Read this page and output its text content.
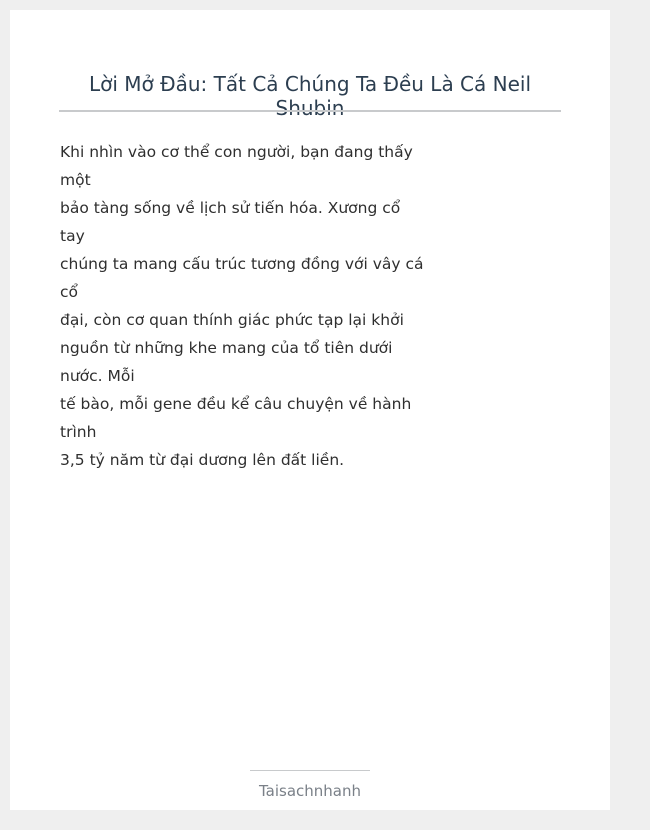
Lời Mở Đầu: Tất Cả Chúng Ta Đều Là Cá Neil Shubin
Khi nhìn vào cơ thể con người, bạn đang thấy
một
bảo tàng sống về lịch sử tiến hóa. Xương cổ
tay
chúng ta mang cấu trúc tương đồng với vây cá
cổ
đại, còn cơ quan thính giác phức tạp lại khởi
nguồn từ những khe mang của tổ tiên dưới
nước. Mỗi
tế bào, mỗi gene đều kể câu chuyện về hành
trình
3,5 tỷ năm từ đại dương lên đất liền.
Taisachnhanh
